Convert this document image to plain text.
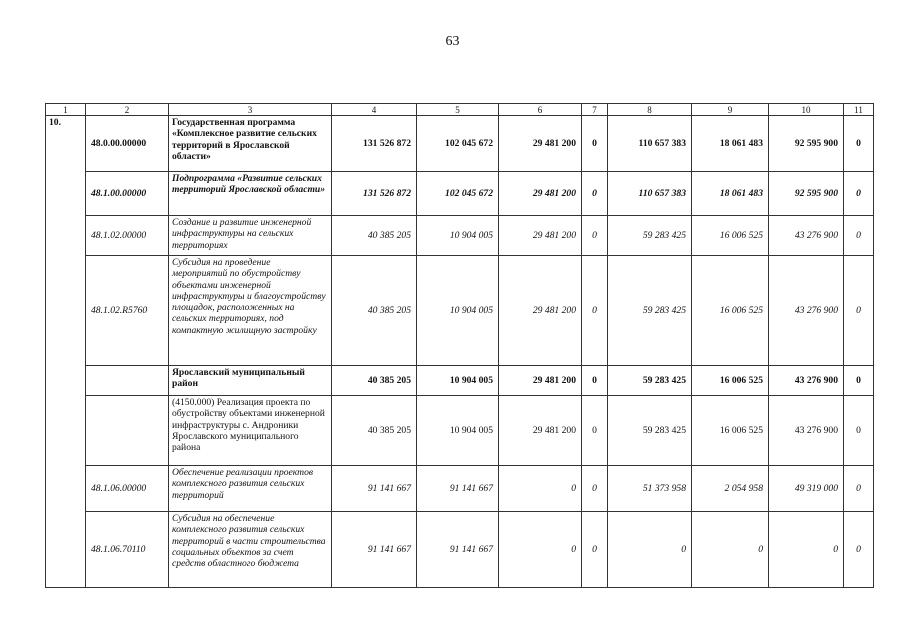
63
1	2	3	4	5	6	7	8	9	10	11
10.	48.0.00.00000	Государственная программа «Комплексное развитие сельских территорий в Ярославской области»	131 526 872	102 045 672	29 481 200	0	110 657 383	18 061 483	92 595 900	0
	48.1.00.00000	Подпрограмма «Развитие сельских территорий Ярославской области»	131 526 872	102 045 672	29 481 200	0	110 657 383	18 061 483	92 595 900	0
	48.1.02.00000	Создание и развитие инженерной инфраструктуры на сельских территориях	40 385 205	10 904 005	29 481 200	0	59 283 425	16 006 525	43 276 900	0
	48.1.02.R5760	Субсидия на проведение мероприятий по обустройству объектами инженерной инфраструктуры и благоустройству площадок, расположенных на сельских территориях, под компактную жилищную застройку	40 385 205	10 904 005	29 481 200	0	59 283 425	16 006 525	43 276 900	0
		Ярославский муниципальный район	40 385 205	10 904 005	29 481 200	0	59 283 425	16 006 525	43 276 900	0
		(4150.000) Реализация проекта по обустройству объектами инженерной инфраструктуры с. Андроники Ярославского муниципального района	40 385 205	10 904 005	29 481 200	0	59 283 425	16 006 525	43 276 900	0
	48.1.06.00000	Обеспечение реализации проектов комплексного развития сельских территорий	91 141 667	91 141 667	0	0	51 373 958	2 054 958	49 319 000	0
	48.1.06.70110	Субсидия на обеспечение комплексного развития сельских территорий в части строительства социальных объектов за счет средств областного бюджета	91 141 667	91 141 667	0	0	0	0	0	0
